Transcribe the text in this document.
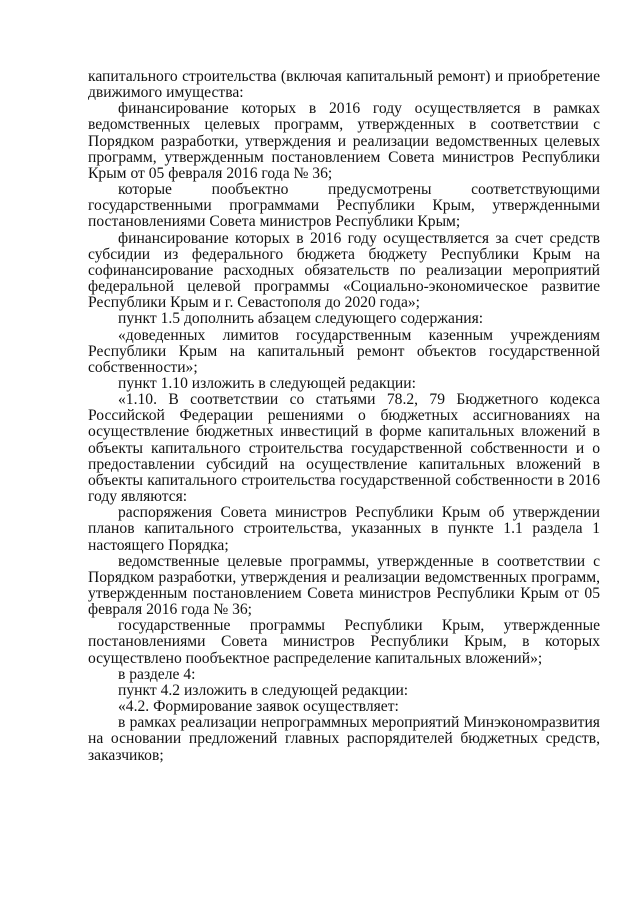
капитального строительства (включая капитальный ремонт) и приобретение движимого имущества:

финансирование которых в 2016 году осуществляется в рамках ведомственных целевых программ, утвержденных в соответствии с Порядком разработки, утверждения и реализации ведомственных целевых программ, утвержденным постановлением Совета министров Республики Крым от 05 февраля 2016 года № 36;

которые пообъектно предусмотрены соответствующими государственными программами Республики Крым, утвержденными постановлениями Совета министров Республики Крым;

финансирование которых в 2016 году осуществляется за счет средств субсидии из федерального бюджета бюджету Республики Крым на софинансирование расходных обязательств по реализации мероприятий федеральной целевой программы «Социально-экономическое развитие Республики Крым и г. Севастополя до 2020 года»;

пункт 1.5 дополнить абзацем следующего содержания:

«доведенных лимитов государственным казенным учреждениям Республики Крым на капитальный ремонт объектов государственной собственности»;

пункт 1.10 изложить в следующей редакции:

«1.10. В соответствии со статьями 78.2, 79 Бюджетного кодекса Российской Федерации решениями о бюджетных ассигнованиях на осуществление бюджетных инвестиций в форме капитальных вложений в объекты капитального строительства государственной собственности и о предоставлении субсидий на осуществление капитальных вложений в объекты капитального строительства государственной собственности в 2016 году являются:

распоряжения Совета министров Республики Крым об утверждении планов капитального строительства, указанных в пункте 1.1 раздела 1 настоящего Порядка;

ведомственные целевые программы, утвержденные в соответствии с Порядком разработки, утверждения и реализации ведомственных программ, утвержденным постановлением Совета министров Республики Крым от 05 февраля 2016 года № 36;

государственные программы Республики Крым, утвержденные постановлениями Совета министров Республики Крым, в которых осуществлено пообъектное распределение капитальных вложений»;

в разделе 4:

пункт 4.2 изложить в следующей редакции:

«4.2. Формирование заявок осуществляет:

в рамках реализации непрограммных мероприятий Минэкономразвития на основании предложений главных распорядителей бюджетных средств, заказчиков;
